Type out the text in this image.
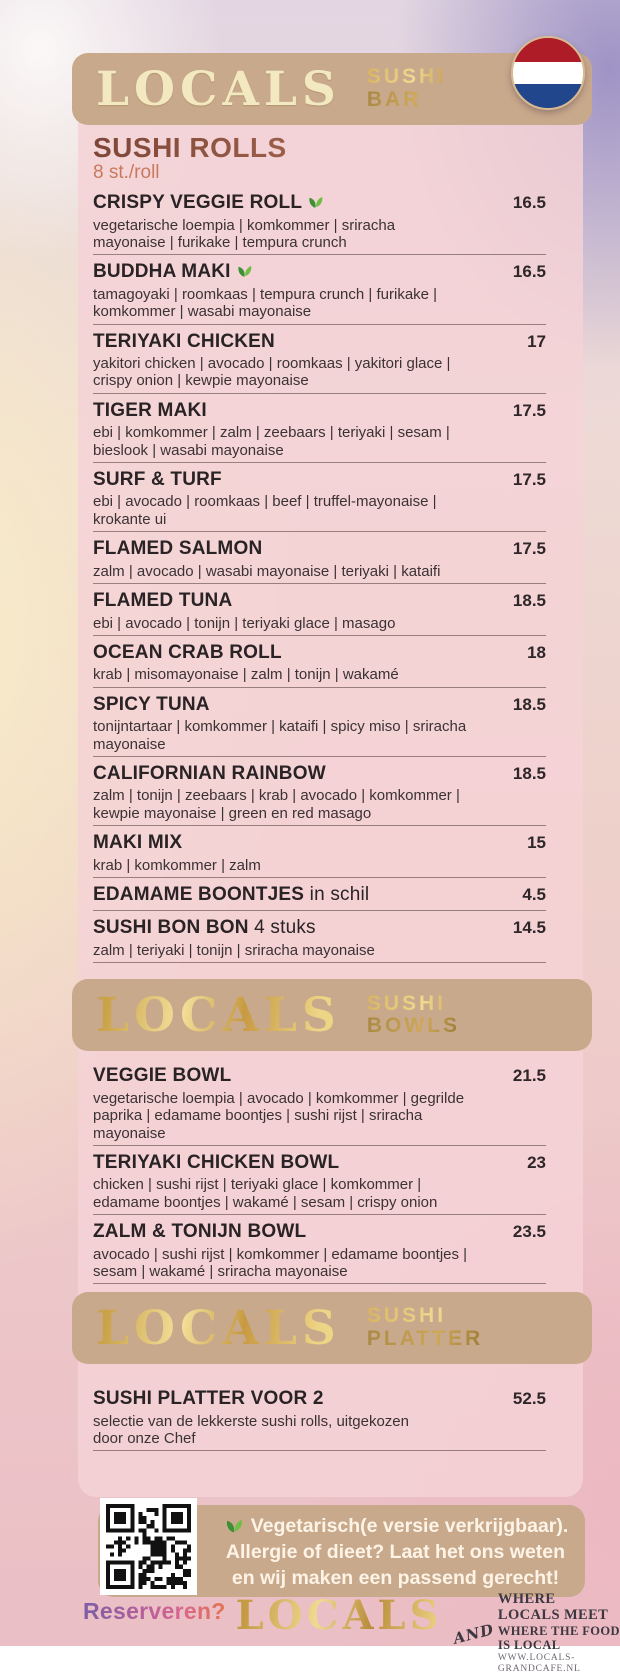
LOCALS SUSHI
BAR
SUSHI ROLLS
8 st./roll
CRISPY VEGGIE ROLL	16.5
vegetarische loempia | komkommer | sriracha mayonaise | furikake | tempura crunch
BUDDHA MAKI	16.5
tamagoyaki | roomkaas | tempura crunch | furikake | komkommer | wasabi mayonaise
TERIYAKI CHICKEN	17
yakitori chicken | avocado | roomkaas | yakitori glace | crispy onion | kewpie mayonaise
TIGER MAKI	17.5
ebi | komkommer | zalm | zeebaars | teriyaki | sesam | bieslook | wasabi mayonaise
SURF & TURF	17.5
ebi | avocado | roomkaas | beef | truffel-mayonaise | krokante ui
FLAMED SALMON	17.5
zalm | avocado | wasabi mayonaise | teriyaki | kataifi
FLAMED TUNA	18.5
ebi | avocado | tonijn | teriyaki glace | masago
OCEAN CRAB ROLL	18
krab | misomayonaise | zalm | tonijn | wakamé
SPICY TUNA	18.5
tonijntartaar | komkommer | kataifi | spicy miso | sriracha mayonaise
CALIFORNIAN RAINBOW	18.5
zalm | tonijn | zeebaars | krab | avocado | komkommer | kewpie mayonaise | green en red masago
MAKI MIX	15
krab | komkommer | zalm
EDAMAME BOONTJES in schil	4.5
SUSHI BON BON 4 stuks	14.5
zalm | teriyaki | tonijn | sriracha mayonaise
LOCALS SUSHI
BOWLS
VEGGIE BOWL	21.5
vegetarische loempia | avocado | komkommer | gegrilde paprika | edamame boontjes | sushi rijst | sriracha mayonaise
TERIYAKI CHICKEN BOWL	23
chicken | sushi rijst | teriyaki glace | komkommer | edamame boontjes | wakamé | sesam | crispy onion
ZALM & TONIJN BOWL	23.5
avocado | sushi rijst | komkommer | edamame boontjes | sesam | wakamé | sriracha mayonaise
LOCALS SUSHI
PLATTER
SUSHI PLATTER VOOR 2	52.5
selectie van de lekkerste sushi rolls, uitgekozen door onze Chef
Vegetarisch(e versie verkrijgbaar).
Allergie of dieet? Laat het ons weten
en wij maken een passend gerecht!
Reserveren? LOCALS AND
WHERE LOCALS MEET
WHERE THE FOOD IS LOCAL
WWW.LOCALS-GRANDCAFE.NL
